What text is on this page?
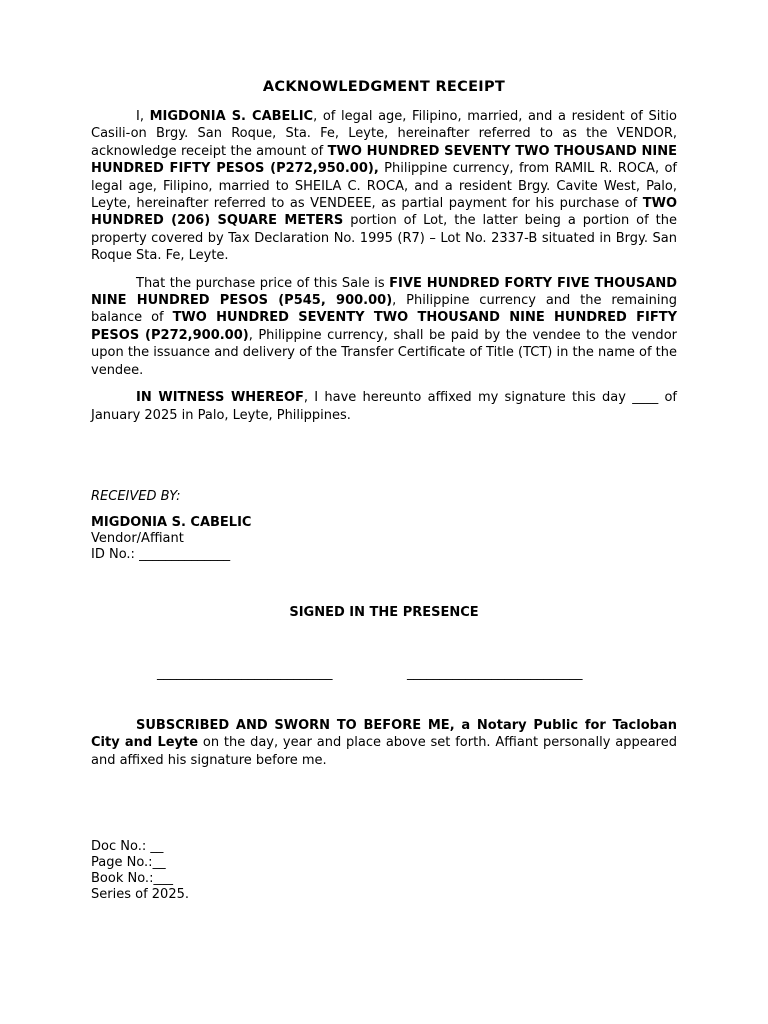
ACKNOWLEDGMENT RECEIPT

I, MIGDONIA S. CABELIC, of legal age, Filipino, married, and a resident of Sitio Casili-on Brgy. San Roque, Sta. Fe, Leyte, hereinafter referred to as the VENDOR, acknowledge receipt the amount of TWO HUNDRED SEVENTY TWO THOUSAND NINE HUNDRED FIFTY PESOS (P272,950.00), Philippine currency, from RAMIL R. ROCA, of legal age, Filipino, married to SHEILA C. ROCA, and a resident Brgy. Cavite West, Palo, Leyte, hereinafter referred to as VENDEEE, as partial payment for his purchase of TWO HUNDRED (206) SQUARE METERS portion of Lot, the latter being a portion of the property covered by Tax Declaration No. 1995 (R7) – Lot No. 2337-B situated in Brgy. San Roque Sta. Fe, Leyte.

That the purchase price of this Sale is FIVE HUNDRED FORTY FIVE THOUSAND NINE HUNDRED PESOS (P545, 900.00), Philippine currency and the remaining balance of TWO HUNDRED SEVENTY TWO THOUSAND NINE HUNDRED FIFTY PESOS (P272,900.00), Philippine currency, shall be paid by the vendee to the vendor upon the issuance and delivery of the Transfer Certificate of Title (TCT) in the name of the vendee.

IN WITNESS WHEREOF, I have hereunto affixed my signature this day ____ of January 2025 in Palo, Leyte, Philippines.

RECEIVED BY:
MIGDONIA S. CABELIC
Vendor/Affiant
ID No.: ______________
SIGNED IN THE PRESENCE
___________________________	___________________________

SUBSCRIBED AND SWORN TO BEFORE ME, a Notary Public for Tacloban City and Leyte on the day, year and place above set forth. Affiant personally appeared and affixed his signature before me.

Doc No.: __
Page No.:__
Book No.:___
Series of 2025.
